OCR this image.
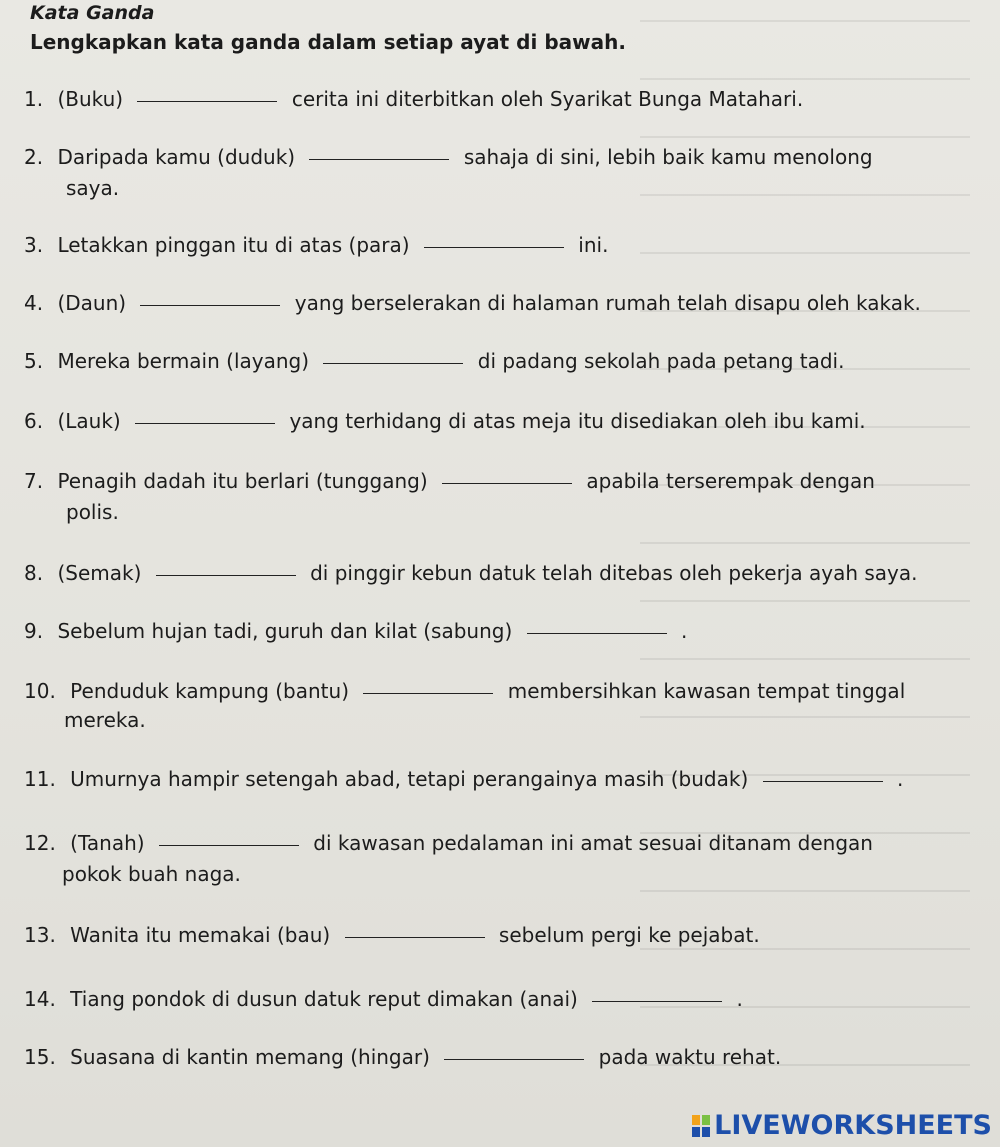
Kata Ganda
Lengkapkan kata ganda dalam setiap ayat di bawah.
1. (Buku)	cerita ini diterbitkan oleh Syarikat Bunga Matahari.
2. Daripada kamu (duduk)	sahaja di sini, lebih baik kamu menolong
saya.
3. Letakkan pinggan itu di atas (para)	ini.
4. (Daun)	yang berselerakan di halaman rumah telah disapu oleh kakak.
5. Mereka bermain (layang)	di padang sekolah pada petang tadi.
6. (Lauk)	yang terhidang di atas meja itu disediakan oleh ibu kami.
7. Penagih dadah itu berlari (tunggang)	apabila terserempak dengan
polis.
8. (Semak)	di pinggir kebun datuk telah ditebas oleh pekerja ayah saya.
9. Sebelum hujan tadi, guruh dan kilat (sabung)	.
10. Penduduk kampung (bantu)	membersihkan kawasan tempat tinggal
mereka.
11. Umurnya hampir setengah abad, tetapi perangainya masih (budak)	.
12. (Tanah)	di kawasan pedalaman ini amat sesuai ditanam dengan
pokok buah naga.
13. Wanita itu memakai (bau)	sebelum pergi ke pejabat.
14. Tiang pondok di dusun datuk reput dimakan (anai)	.
15. Suasana di kantin memang (hingar)	pada waktu rehat.
LIVEWORKSHEETS
